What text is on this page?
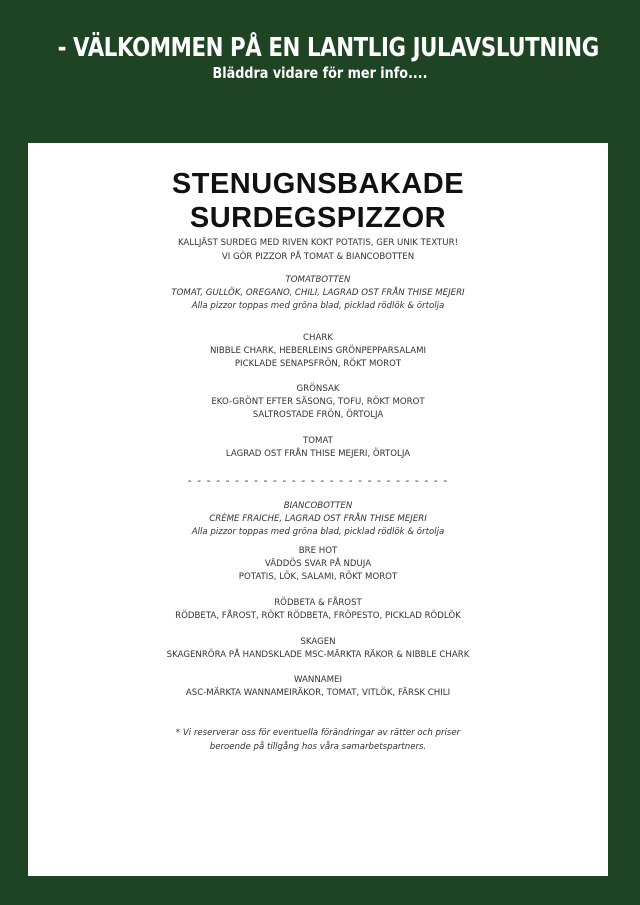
- VÄLKOMMEN PÅ EN LANTLIG JULAVSLUTNING
Bläddra vidare för mer info....
STENUGNSBAKADE
SURDEGSPIZZOR
KALLJÄST SURDEG MED RIVEN KOKT POTATIS, GER UNIK TEXTUR!
VI GÖR PIZZOR PÅ TOMAT & BIANCOBOTTEN
TOMATBOTTEN
TOMAT, GULLÖK, OREGANO, CHILI, LAGRAD OST FRÅN THISE MEJERI
Alla pizzor toppas med gröna blad, picklad rödlök & örtolja
CHARK
NIBBLE CHARK, HEBERLEINS GRÖNPEPPARSALAMI
PICKLADE SENAPSFRÖN, RÖKT MOROT
GRÖNSAK
EKO-GRÖNT EFTER SÄSONG, TOFU, RÖKT MOROT
SALTROSTADE FRÖN, ÖRTOLJA
TOMAT
LAGRAD OST FRÅN THISE MEJERI, ÖRTOLJA
- - - - - - - - - - - - - - - - - - - - - - - - - - - -
BIANCOBOTTEN
CRÈME FRAICHE, LAGRAD OST FRÅN THISE MEJERI
Alla pizzor toppas med gröna blad, picklad rödlök & örtolja
BRE HOT
VÄDDÖS SVAR PÅ NDUJA
POTATIS, LÖK, SALAMI, RÖKT MOROT
RÖDBETA & FÅROST
RÖDBETA, FÅROST, RÖKT RÖDBETA, FRÖPESTO, PICKLAD RÖDLÖK
SKAGEN
SKAGENRÖRA PÅ HANDSKLADE MSC-MÄRKTA RÄKOR & NIBBLE CHARK
WANNAMEI
ASC-MÄRKTA WANNAMEIRÄKOR, TOMAT, VITLÖK, FÄRSK CHILI
* Vi reserverar oss för eventuella förändringar av rätter och priser
beroende på tillgång hos våra samarbetspartners.
